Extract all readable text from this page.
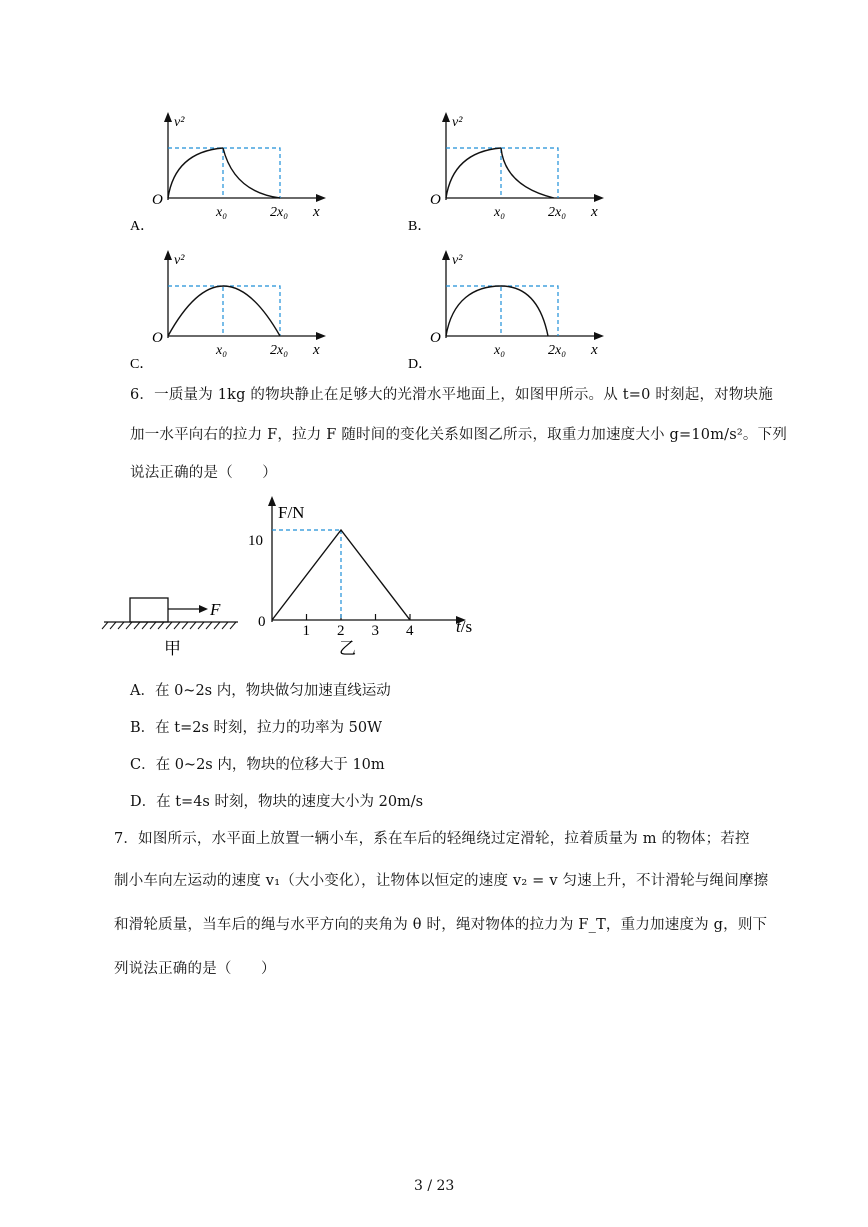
v²
O
x
x₀	2x₀
A．
v²
O
x
x₀	2x₀
B．
v²
O
x
x₀	2x₀
C．
v²
O
x
x₀	2x₀
D．
6．一质量为 1kg 的物块静止在足够大的光滑水平地面上，如图甲所示。从 t=0 时刻起，对物块施
加一水平向右的拉力 F，拉力 F 随时间的变化关系如图乙所示，取重力加速度大小 g=10m/s²。下列
说法正确的是（　　）
F
甲
F/N
10
0
1 2 3 4	t/s
乙
A．在 0~2s 内，物块做匀加速直线运动
B．在 t=2s 时刻，拉力的功率为 50W
C．在 0~2s 内，物块的位移大于 10m
D．在 t=4s 时刻，物块的速度大小为 20m/s
7．如图所示，水平面上放置一辆小车，系在车后的轻绳绕过定滑轮，拉着质量为 m 的物体；若控
制小车向左运动的速度 v₁（大小变化），让物体以恒定的速度 v₂ = v 匀速上升，不计滑轮与绳间摩擦
和滑轮质量，当车后的绳与水平方向的夹角为 θ 时，绳对物体的拉力为 F_T，重力加速度为 g，则下
列说法正确的是（　　）
3 / 23
